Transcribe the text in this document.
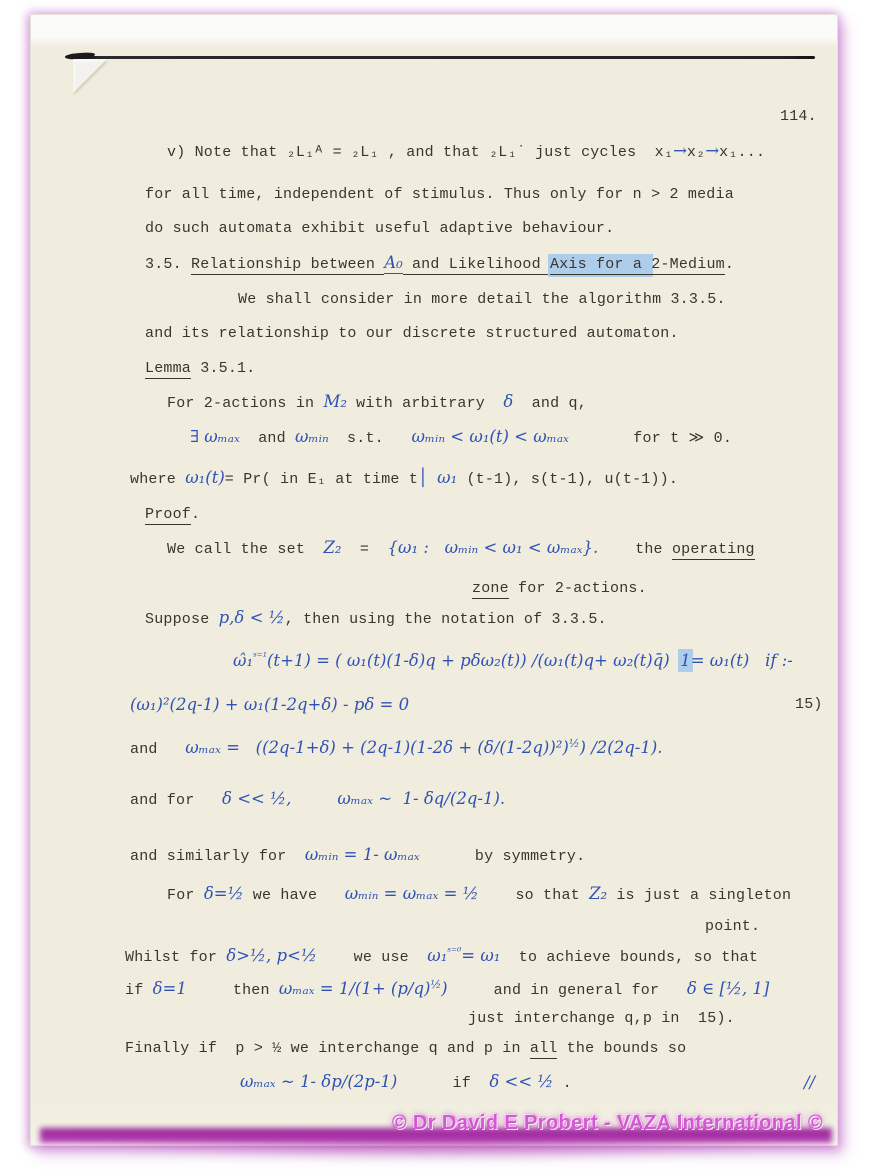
114.
v) Note that ₂L₁ᴬ = ₂L₁ , and that ₂L₁˙ just cycles  x₁→x₂→x₁...
for all time, independent of stimulus. Thus only for n > 2 media
do such automata exhibit useful adaptive behaviour.
3.5. Relationship between A₀ and Likelihood Axis for a 2-Medium.
We shall consider in more detail the algorithm 3.3.5.
and its relationship to our discrete structured automaton.
Lemma 3.5.1.
For 2-actions in M₂ with arbitrary  δ  and q,
∃ ωₘₐₓ  and ωₘᵢₙ  s.t.   ωₘᵢₙ < ω₁(t) < ωₘₐₓ       for t ≫ 0.
where ω₁(t)= Pr( in E₁ at time t│ ω₁ (t-1), s(t-1), u(t-1)).
Proof.
We call the set  Z₂  =  {ω₁ :   ωₘᵢₙ < ω₁ < ωₘₐₓ}.    the operating
zone for 2-actions.
Suppose p,δ < ½, then using the notation of 3.3.5.
ω̂₁$^{ˢ^{=1}}$(t+1) = ( ω₁(t)(1-δ)q + pδω₂(t)) ∕(ω₁(t)q+ ω₂(t)q̄)  1= ω₁(t)   if :-
(ω₁)²(2q-1) + ω₁(1-2q+δ) - pδ = 0	15)
and   ωₘₐₓ =   ((2q-1+δ) + (2q-1)(1-2δ + (δ∕(1-2q))²)$^{\frac{1}{2}}$) ∕2(2q-1).
and for   δ << ½,	ωₘₐₓ ~  1- δq∕(2q-1).
and similarly for  ωₘᵢₙ = 1- ωₘₐₓ      by symmetry.
For δ=½ we have   ωₘᵢₙ = ωₘₐₓ = ½    so that Z₂ is just a singleton
point.
Whilst for δ>½, p<½    we use  ω₁$^{ˢ^{=0}}$= ω₁  to achieve bounds, so that
if δ=1     then ωₘₐₓ = 1∕(1+ (p∕q)$^{\frac{1}{2}}$)     and in general for   δ ∈ [½, 1]
just interchange q,p in  15).
Finally if  p > ½ we interchange q and p in all the bounds so
ωₘₐₓ ~ 1- δp∕(2p-1)      if  δ << ½ .	//
© Dr David E Probert - VAZA International ©
